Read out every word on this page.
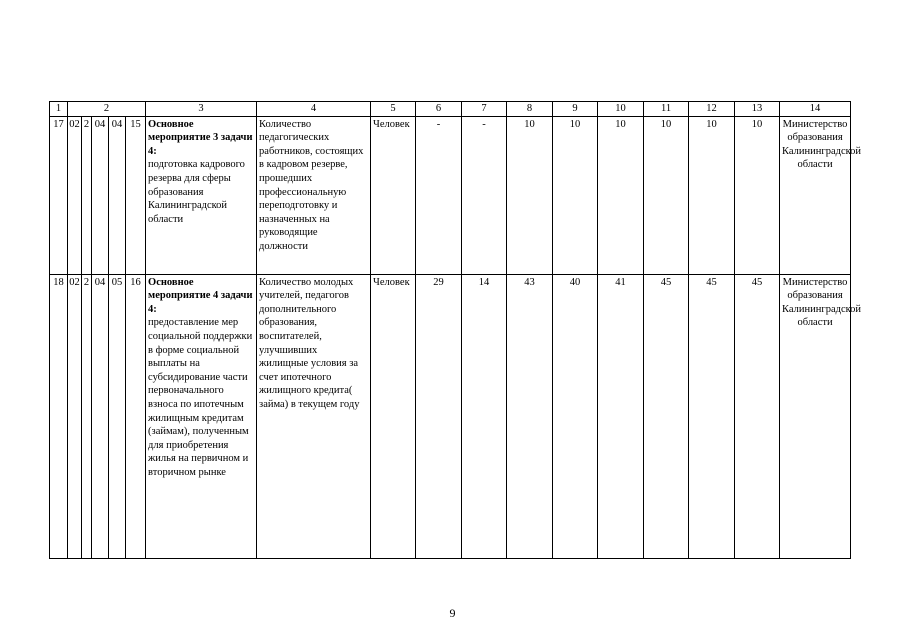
1	2					3	4	5	6	7	8	9	10	11	12	13	14
17	02	2	04	04	15	Основное мероприятие 3 задачи 4:
подготовка кадрового резерва для сферы образования Калининградской области	Количество педагогических работников, состоящих в кадровом резерве, прошедших профессиональную переподготовку и назначенных на руководящие должности	Человек	-	-	10	10	10	10	10	10	Министерство образования Калининградской области
18	02	2	04	05	16	Основное мероприятие 4 задачи 4:
предоставление мер социальной поддержки в форме социальной выплаты на субсидирование части первоначального взноса по ипотечным жилищным кредитам (займам), полученным для приобретения жилья на первичном и вторичном рынке	Количество молодых учителей, педагогов дополнительного образования, воспитателей, улучшивших жилищные условия за счет ипотечного жилищного кредита( займа) в текущем году	Человек	29	14	43	40	41	45	45	45	Министерство образования Калининградской области
9
